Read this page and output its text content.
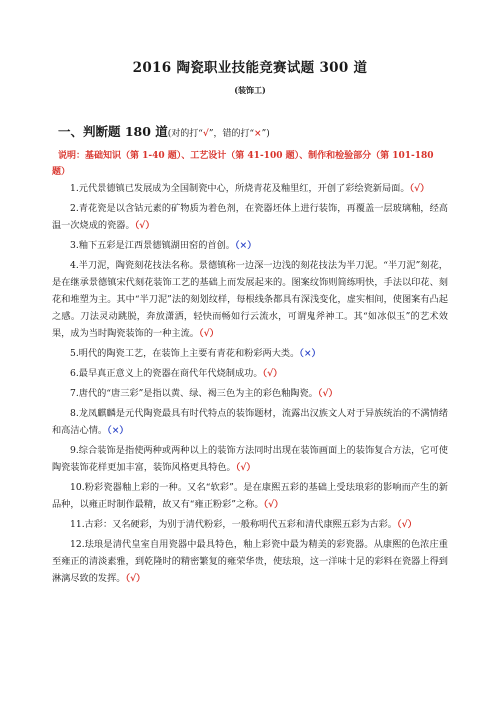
2016 陶瓷职业技能竞赛试题 300 道
(装饰工)
一、判断题 180 道(对的打“√”，错的打“×”)

说明：基础知识（第 1-40 题）、工艺设计（第 41-100 题）、制作和检验部分（第 101-180 题）

1.元代景德镇已发展成为全国制瓷中心，所烧青花及釉里红，开创了彩绘瓷新局面。（√）

2.青花瓷是以含钴元素的矿物质为着色剂，在瓷器坯体上进行装饰，再覆盖一层玻璃釉，经高温一次烧成的瓷器。（√）

3.釉下五彩是江西景德镇湖田窑的首创。（×）

4.半刀泥，陶瓷刻花技法名称。景德镇称一边深一边浅的刻花技法为半刀泥。“半刀泥”刻花，是在继承景德镇宋代刻花装饰工艺的基础上而发展起来的。图案纹饰则简练明快，手法以印花、刻花和堆塑为主。其中“半刀泥”法的刻划纹样，每根线条都具有深浅变化，虚实相间，使图案有凸起之感。刀法灵动跳脱，奔放潇洒，轻快而畅如行云流水，可谓鬼斧神工。其“如冰似玉”的艺术效果，成为当时陶瓷装饰的一种主流。（√）

5.明代的陶瓷工艺，在装饰上主要有青花和粉彩两大类。（×）

6.最早真正意义上的瓷器在商代年代烧制成功。（√）

7.唐代的“唐三彩”是指以黄、绿、褐三色为主的彩色釉陶瓷。（√）

8.龙凤麒麟是元代陶瓷最具有时代特点的装饰题材，流露出汉族文人对于异族统治的不满情绪和高洁心情。（×）

9.综合装饰是指使两种或两种以上的装饰方法同时出现在装饰画面上的装饰复合方法，它可使陶瓷装饰花样更加丰富，装饰风格更具特色。（√）

10.粉彩瓷器釉上彩的一种。又名“软彩”。是在康熙五彩的基础上受珐琅彩的影响而产生的新品种，以雍正时制作最精，故又有“雍正粉彩”之称。（√）

11.古彩：又名硬彩，为别于清代粉彩，一般称明代五彩和清代康熙五彩为古彩。（√）

12.珐琅是清代皇室自用瓷器中最具特色，釉上彩瓷中最为精美的彩瓷器。从康熙的色浓庄重至雍正的清淡素雅，到乾隆时的精密繁复的雍荣华贵，使珐琅，这一洋味十足的彩料在瓷器上得到淋漓尽致的发挥。（√）
